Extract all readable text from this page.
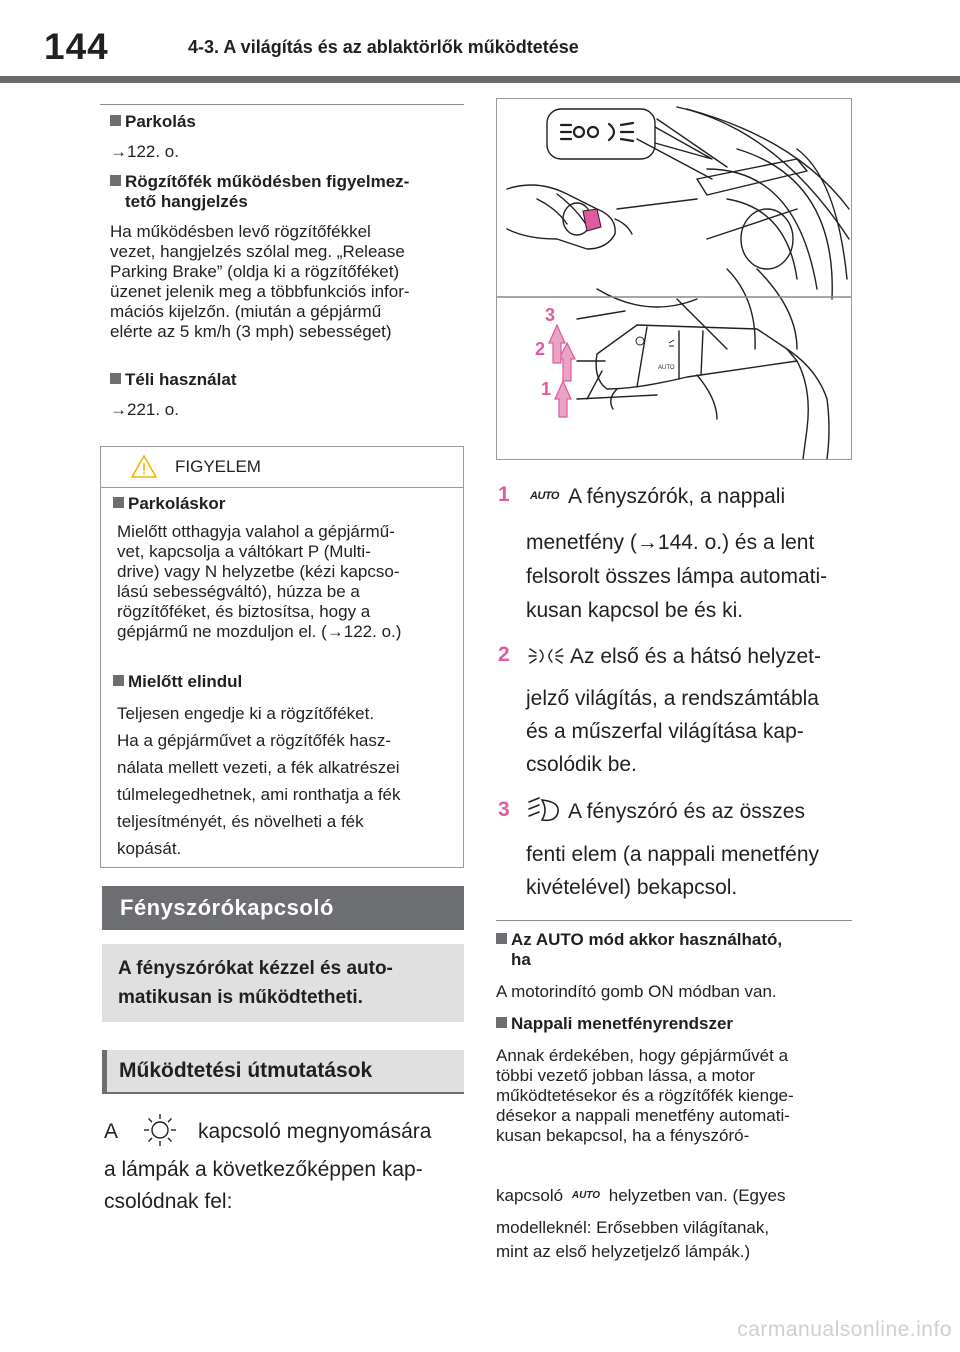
144	4-3. A világítás és az ablaktörlők működtetése
Parkolás
→122. o.
Rögzítőfék működésben figyelmez-
tető hangjelzés
Ha működésben levő rögzítőfékkel
vezet, hangjelzés szólal meg. „Release
Parking Brake” (oldja ki a rögzítőféket)
üzenet jelenik meg a többfunkciós infor-
mációs kijelzőn. (miután a gépjármű
elérte az 5 km/h (3 mph) sebességet)
Téli használat
→221. o.
FIGYELEM
Parkoláskor
Mielőtt otthagyja valahol a gépjármű-
vet, kapcsolja a váltókart P (Multi-
drive) vagy N helyzetbe (kézi kapcso-
lású sebességváltó), húzza be a
rögzítőféket, és biztosítsa, hogy a
gépjármű ne mozduljon el. (→122. o.)
Mielőtt elindul
Teljesen engedje ki a rögzítőféket.
Ha a gépjárművet a rögzítőfék hasz-
nálata mellett vezeti, a fék alkatrészei
túlmelegedhetnek, ami ronthatja a fék
teljesítményét, és növelheti a fék
kopását.
Fényszórókapcsoló
A fényszórókat kézzel és auto-
matikusan is működtetheti.
Működtetési útmutatások
A	kapcsoló megnyomására
a lámpák a következőképpen kap-
csolódnak fel:
AUTO
3
2
1
1 AUTO A fényszórók, a nappali
menetfény (→144. o.) és a lent
felsorolt összes lámpa automati-
kusan kapcsol be és ki.
2	Az első és a hátsó helyzet-
jelző világítás, a rendszámtábla
és a műszerfal világítása kap-
csolódik be.
3	A fényszóró és az összes
fenti elem (a nappali menetfény
kivételével) bekapcsol.
Az AUTO mód akkor használható,
ha
A motorindító gomb ON módban van.
Nappali menetfényrendszer
Annak érdekében, hogy gépjárművét a
többi vezető jobban lássa, a motor
működtetésekor és a rögzítőfék kienge-
désekor a nappali menetfény automati-
kusan bekapcsol, ha a fényszóró-
kapcsoló AUTO helyzetben van. (Egyes
modelleknél: Erősebben világítanak,
mint az első helyzetjelző lámpák.)
carmanualsonline.info
